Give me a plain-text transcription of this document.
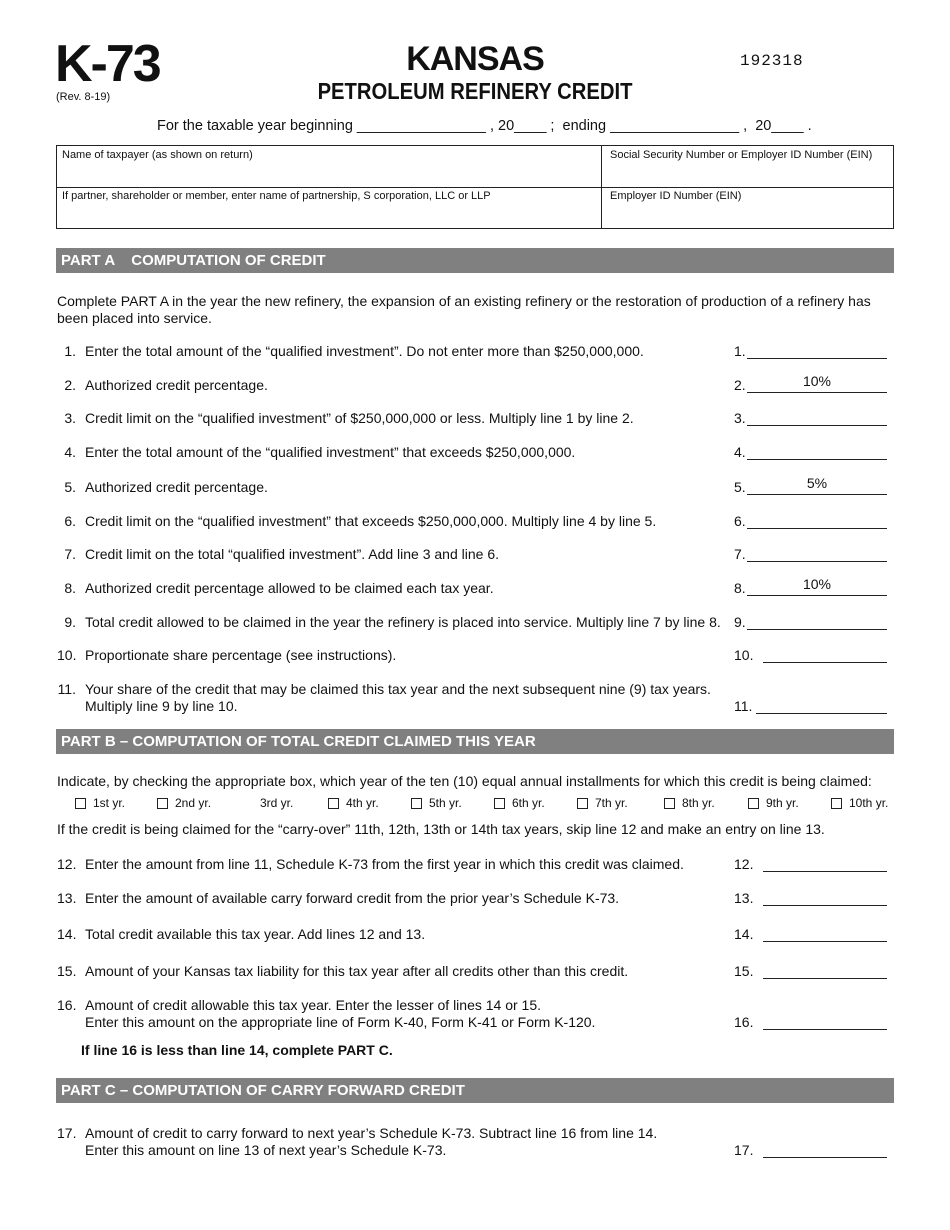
K-73
(Rev. 8-19)
KANSAS
PETROLEUM REFINERY CREDIT
192318
For the taxable year beginning ________________ , 20____ ;  ending ________________ ,  20____ .
Name of taxpayer (as shown on return)	Social Security Number or Employer ID Number (EIN)
If partner, shareholder or member, enter name of partnership, S corporation, LLC or LLP	Employer ID Number (EIN)
PART A    COMPUTATION OF CREDIT
Complete PART A in the year the new refinery, the expansion of an existing refinery or the restoration of production of a refinery has been placed into service.
1. Enter the total amount of the “qualified investment”. Do not enter more than $250,000,000.	1.
2. Authorized credit percentage.	2.	10%
3. Credit limit on the “qualified investment” of $250,000,000 or less. Multiply line 1 by line 2.	3.
4. Enter the total amount of the “qualified investment” that exceeds $250,000,000.	4.
5. Authorized credit percentage.	5.	5%
6. Credit limit on the “qualified investment” that exceeds $250,000,000. Multiply line 4 by line 5.	6.
7. Credit limit on the total “qualified investment”. Add line 3 and line 6.	7.
8. Authorized credit percentage allowed to be claimed each tax year.	8.	10%
9. Total credit allowed to be claimed in the year the refinery is placed into service. Multiply line 7 by line 8. 9.
10. Proportionate share percentage (see instructions).	10.
11. Your share of the credit that may be claimed this tax year and the next subsequent nine (9) tax years.
Multiply line 9 by line 10.	11.
PART B – COMPUTATION OF TOTAL CREDIT CLAIMED THIS YEAR
Indicate, by checking the appropriate box, which year of the ten (10) equal annual installments for which this credit is being claimed:
1st yr.	2nd yr.	3rd yr.	4th yr.	5th yr.	6th yr.	7th yr.	8th yr.	9th yr.	10th yr.
If the credit is being claimed for the “carry-over” 11th, 12th, 13th or 14th tax years, skip line 12 and make an entry on line 13.
12. Enter the amount from line 11, Schedule K-73 from the first year in which this credit was claimed.	12.
13. Enter the amount of available carry forward credit from the prior year’s Schedule K-73.	13.
14. Total credit available this tax year. Add lines 12 and 13.	14.
15. Amount of your Kansas tax liability for this tax year after all credits other than this credit.	15.
16. Amount of credit allowable this tax year. Enter the lesser of lines 14 or 15.
Enter this amount on the appropriate line of Form K-40, Form K-41 or Form K-120.	16.
If line 16 is less than line 14, complete PART C.
PART C – COMPUTATION OF CARRY FORWARD CREDIT
17. Amount of credit to carry forward to next year’s Schedule K-73. Subtract line 16 from line 14.
Enter this amount on line 13 of next year’s Schedule K-73.	17.
